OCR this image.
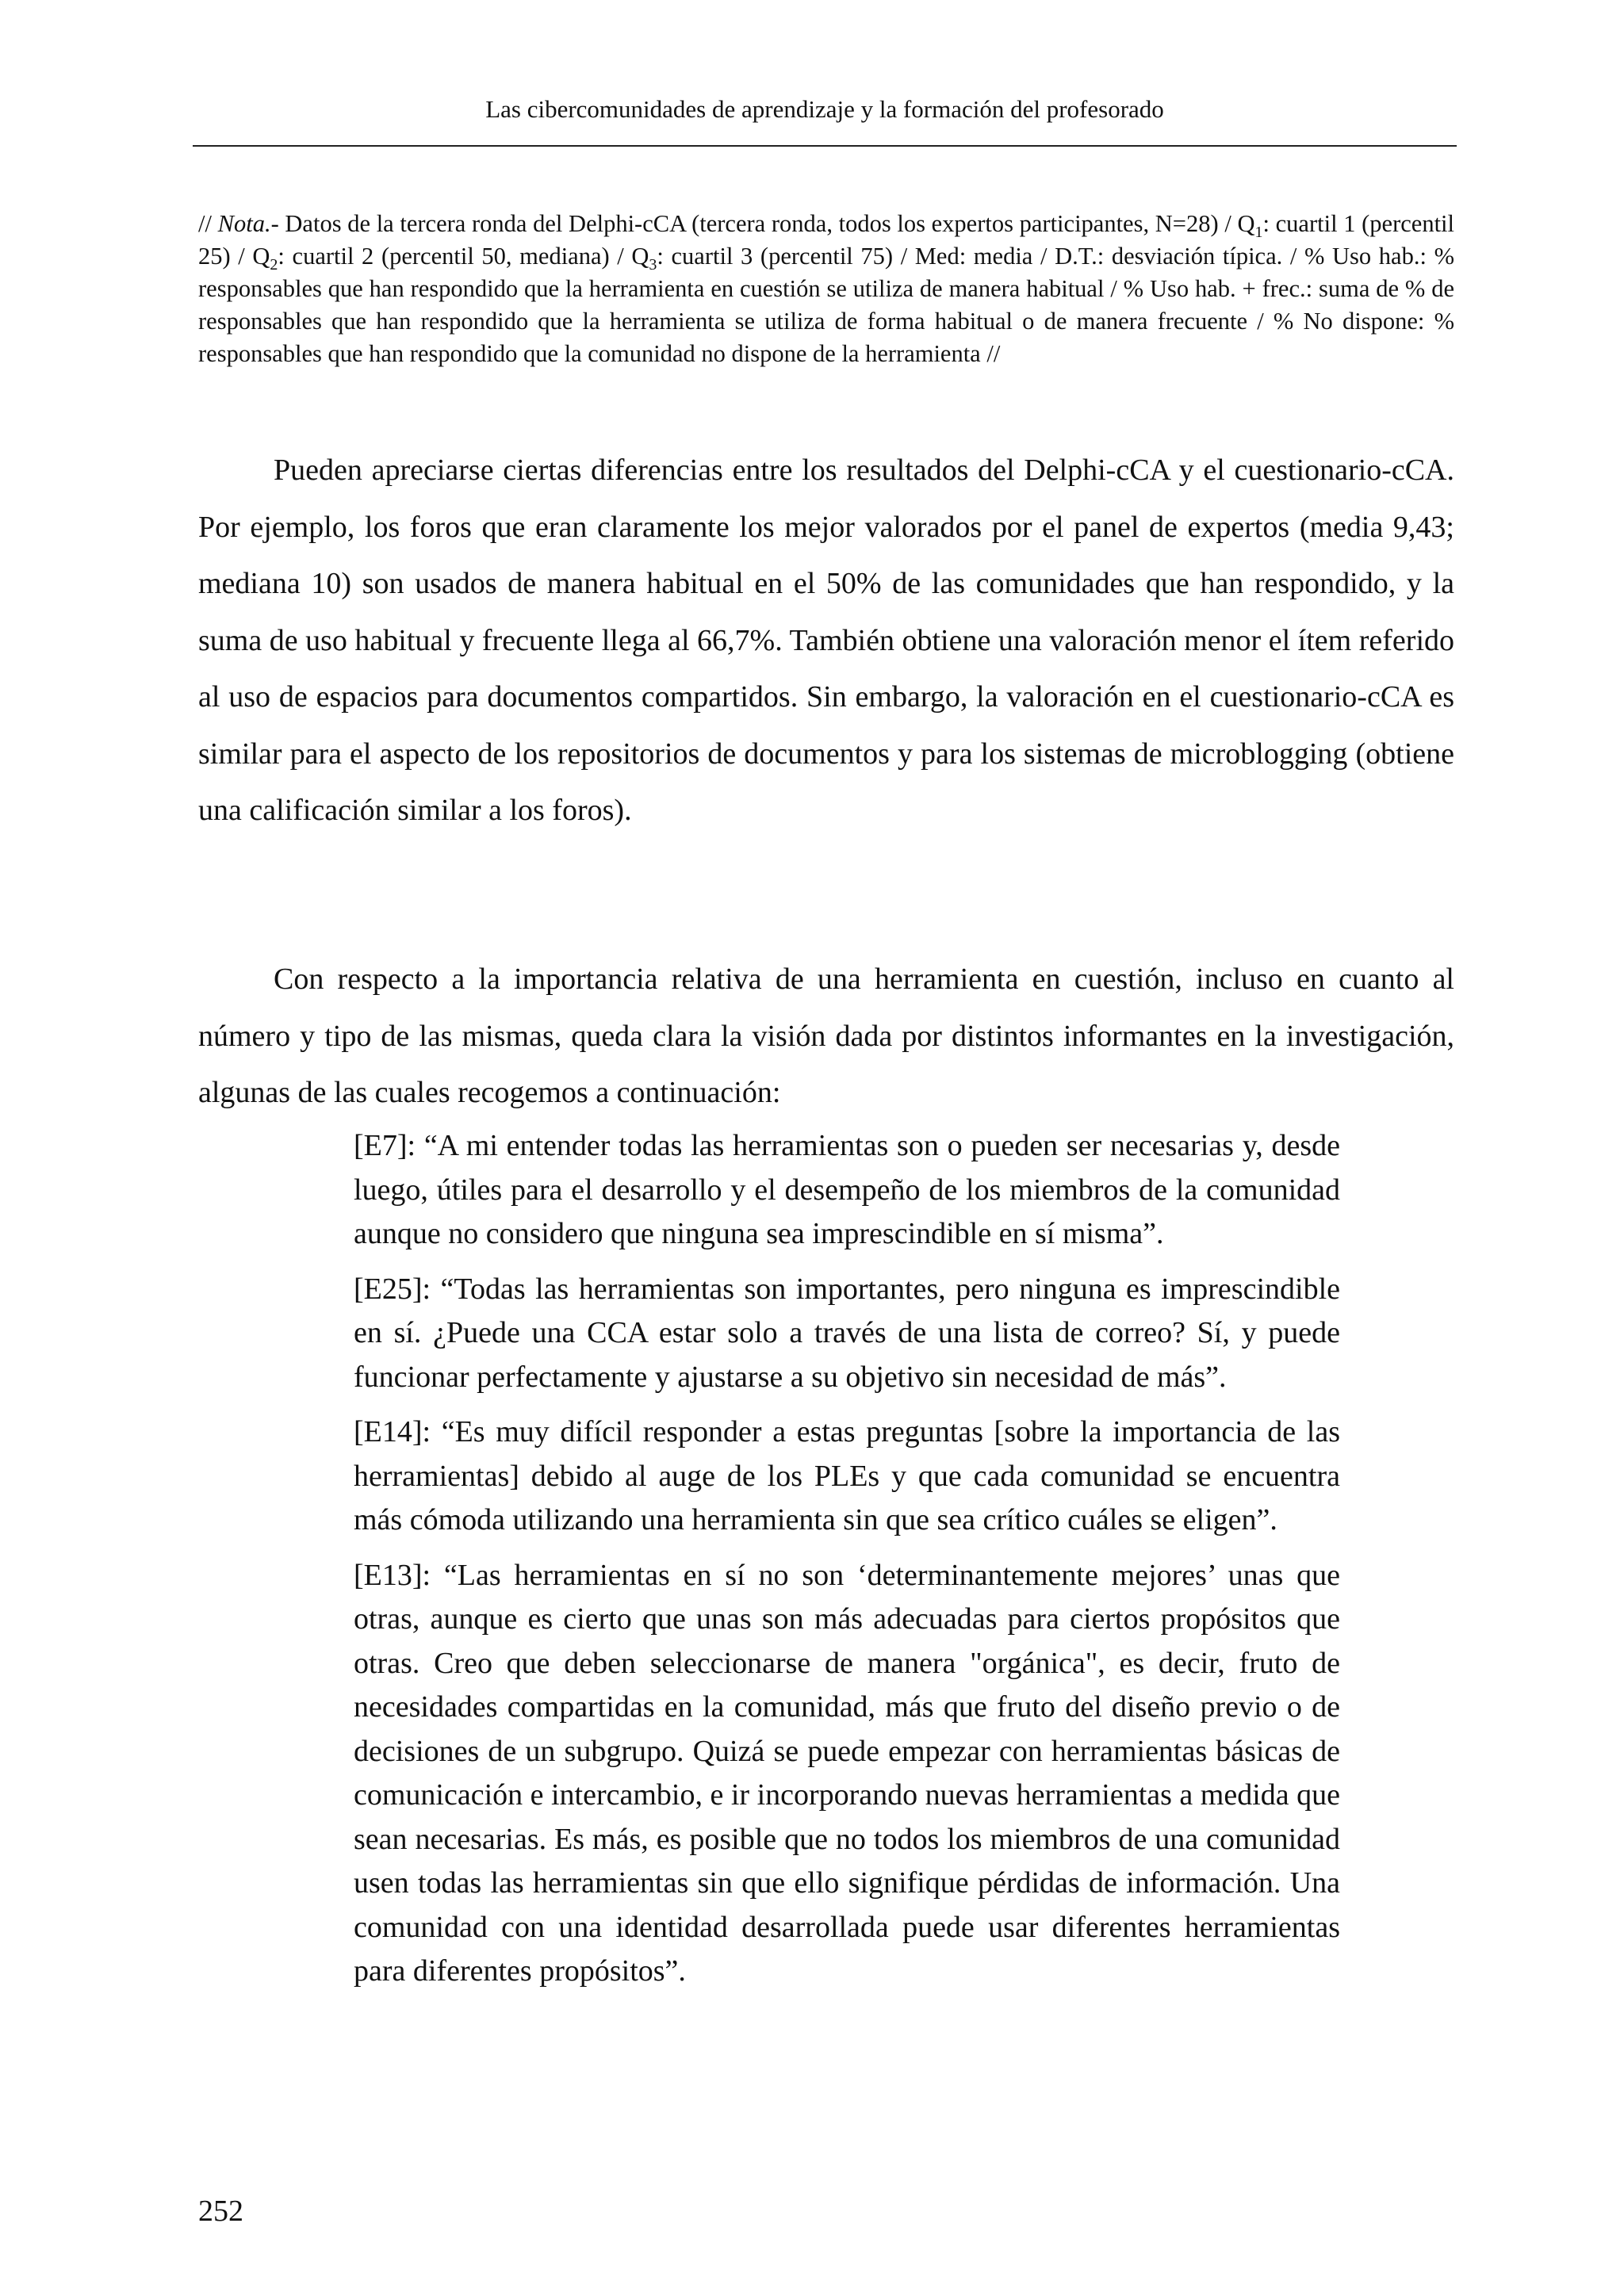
Las cibercomunidades de aprendizaje y la formación del profesorado

// Nota.- Datos de la tercera ronda del Delphi-cCA (tercera ronda, todos los expertos participantes, $N=28) / Q_1$: cuartil 1 (percentil $25) / Q_2$: cuartil 2 (percentil 50, mediana) / $Q_3$: cuartil 3 (percentil 75) / Med: media / D.T.: desviación típica. / % Uso hab.: % responsables que han respondido que la herramienta en cuestión se utiliza de manera habitual / % Uso hab. + frec.: suma de % de responsables que han respondido que la herramienta se utiliza de forma habitual o de manera frecuente / % No dispone: % responsables que han respondido que la comunidad no dispone de la herramienta //

Pueden apreciarse ciertas diferencias entre los resultados del Delphi-cCA y el cuestionario-cCA. Por ejemplo, los foros que eran claramente los mejor valorados por el panel de expertos (media 9,43; mediana 10) son usados de manera habitual en el 50% de las comunidades que han respondido, y la suma de uso habitual y frecuente llega al 66,7%. También obtiene una valoración menor el ítem referido al uso de espacios para documentos compartidos. Sin embargo, la valoración en el cuestionario-cCA es similar para el aspecto de los repositorios de documentos y para los sistemas de microblogging (obtiene una calificación similar a los foros).

Con respecto a la importancia relativa de una herramienta en cuestión, incluso en cuanto al número y tipo de las mismas, queda clara la visión dada por distintos informantes en la investigación, algunas de las cuales recogemos a continuación:

[E7]: “A mi entender todas las herramientas son o pueden ser necesarias y, desde luego, útiles para el desarrollo y el desempeño de los miembros de la comunidad aunque no considero que ninguna sea imprescindible en sí misma”.

[E25]: “Todas las herramientas son importantes, pero ninguna es imprescindible en sí. ¿Puede una CCA estar solo a través de una lista de correo? Sí, y puede funcionar perfectamente y ajustarse a su objetivo sin necesidad de más”.

[E14]: “Es muy difícil responder a estas preguntas [sobre la importancia de las herramientas] debido al auge de los PLEs y que cada comunidad se encuentra más cómoda utilizando una herramienta sin que sea crítico cuáles se eligen”.

[E13]: “Las herramientas en sí no son ‘determinantemente mejores’ unas que otras, aunque es cierto que unas son más adecuadas para ciertos propósitos que otras. Creo que deben seleccionarse de manera "orgánica", es decir, fruto de necesidades compartidas en la comunidad, más que fruto del diseño previo o de decisiones de un subgrupo. Quizá se puede empezar con herramientas básicas de comunicación e intercambio, e ir incorporando nuevas herramientas a medida que sean necesarias. Es más, es posible que no todos los miembros de una comunidad usen todas las herramientas sin que ello signifique pérdidas de información. Una comunidad con una identidad desarrollada puede usar diferentes herramientas para diferentes propósitos”.

252
